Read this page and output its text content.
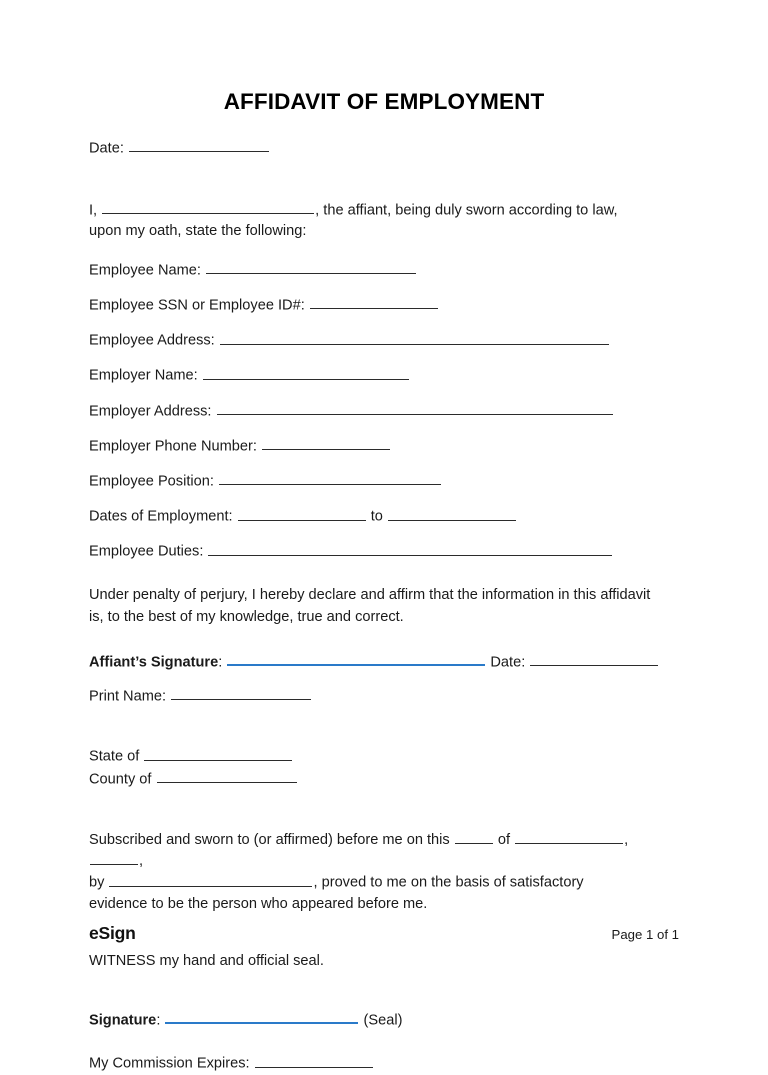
AFFIDAVIT OF EMPLOYMENT
Date:
I,	, the affiant, being duly sworn according to law,
upon my oath, state the following:
Employee Name:
Employee SSN or Employee ID#:
Employee Address:
Employer Name:
Employer Address:
Employer Phone Number:
Employee Position:
Dates of Employment:	to
Employee Duties:
Under penalty of perjury, I hereby declare and affirm that the information in this affidavit
is, to the best of my knowledge, true and correct.
Affiant’s Signature:	Date:
Print Name:
State of
County of
Subscribed and sworn to (or affirmed) before me on this	of	, ,
by	, proved to me on the basis of satisfactory
evidence to be the person who appeared before me.
WITNESS my hand and official seal.
Signature:	(Seal)
My Commission Expires:
eSign	Page 1 of 1
